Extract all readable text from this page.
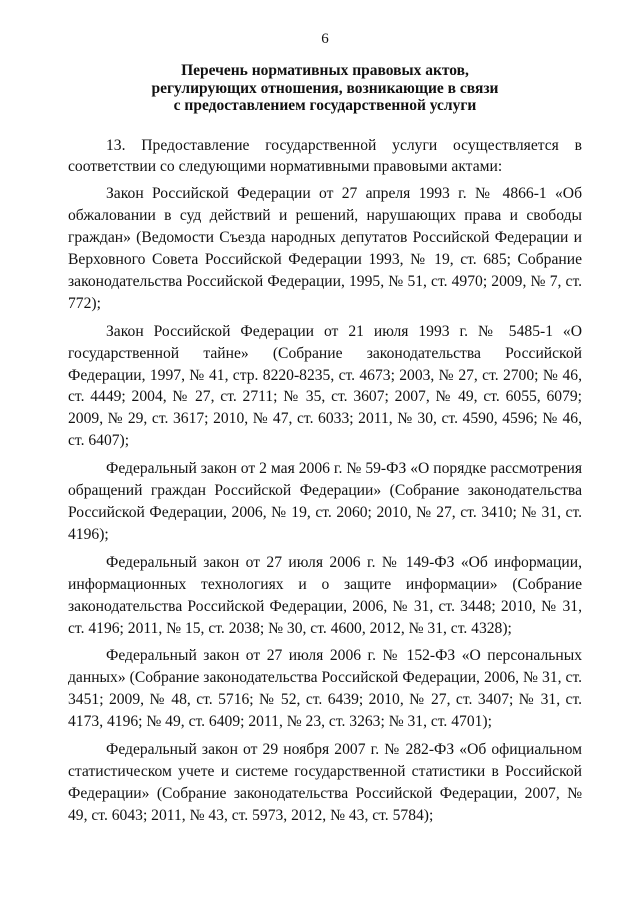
6
Перечень нормативных правовых актов,
регулирующих отношения, возникающие в связи
с предоставлением государственной услуги

13. Предоставление государственной услуги осуществляется в соответствии со следующими нормативными правовыми актами:

Закон Российской Федерации от 27 апреля 1993 г. № 4866-1 «Об обжаловании в суд действий и решений, нарушающих права и свободы граждан» (Ведомости Съезда народных депутатов Российской Федерации и Верховного Совета Российской Федерации 1993, № 19, ст. 685; Собрание законодательства Российской Федерации, 1995, № 51, ст. 4970; 2009, № 7, ст. 772);

Закон Российской Федерации от 21 июля 1993 г. № 5485-1 «О государственной тайне» (Собрание законодательства Российской Федерации, 1997, № 41, стр. 8220-8235, ст. 4673; 2003, № 27, ст. 2700; № 46, ст. 4449; 2004, № 27, ст. 2711; № 35, ст. 3607; 2007, № 49, ст. 6055, 6079; 2009, № 29, ст. 3617; 2010, № 47, ст. 6033; 2011, № 30, ст. 4590, 4596; № 46, ст. 6407);

Федеральный закон от 2 мая 2006 г. № 59-ФЗ «О порядке рассмотрения обращений граждан Российской Федерации» (Собрание законодательства Российской Федерации, 2006, № 19, ст. 2060; 2010, № 27, ст. 3410; № 31, ст. 4196);

Федеральный закон от 27 июля 2006 г. № 149-ФЗ «Об информации, информационных технологиях и о защите информации» (Собрание законодательства Российской Федерации, 2006, № 31, ст. 3448; 2010, № 31, ст. 4196; 2011, № 15, ст. 2038; № 30, ст. 4600, 2012, № 31, ст. 4328);

Федеральный закон от 27 июля 2006 г. № 152-ФЗ «О персональных данных» (Собрание законодательства Российской Федерации, 2006, № 31, ст. 3451; 2009, № 48, ст. 5716; № 52, ст. 6439; 2010, № 27, ст. 3407; № 31, ст. 4173, 4196; № 49, ст. 6409; 2011, № 23, ст. 3263; № 31, ст. 4701);

Федеральный закон от 29 ноября 2007 г. № 282-ФЗ «Об официальном статистическом учете и системе государственной статистики в Российской Федерации» (Собрание законодательства Российской Федерации, 2007, № 49, ст. 6043; 2011, № 43, ст. 5973, 2012, № 43, ст. 5784);
